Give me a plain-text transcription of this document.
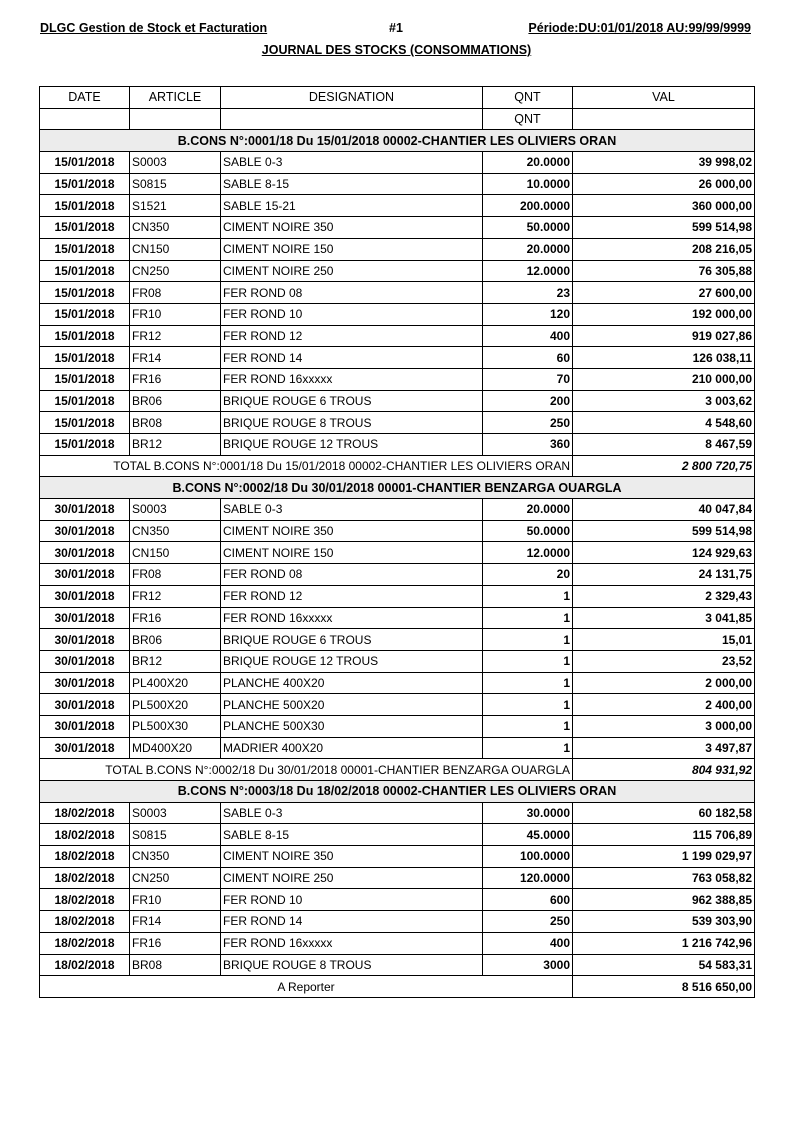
DLGC Gestion de Stock et Facturation	#1	Période:DU:01/01/2018 AU:99/99/9999
JOURNAL DES STOCKS (CONSOMMATIONS)
DATE	ARTICLE	DESIGNATION	QNT	VAL
			QNT	
B.CONS N°:0001/18 Du 15/01/2018 00002-CHANTIER LES OLIVIERS ORAN				
15/01/2018	S0003	SABLE 0-3	20.0000	39 998,02
15/01/2018	S0815	SABLE 8-15	10.0000	26 000,00
15/01/2018	S1521	SABLE 15-21	200.0000	360 000,00
15/01/2018	CN350	CIMENT NOIRE 350	50.0000	599 514,98
15/01/2018	CN150	CIMENT NOIRE 150	20.0000	208 216,05
15/01/2018	CN250	CIMENT NOIRE 250	12.0000	76 305,88
15/01/2018	FR08	FER ROND 08	23	27 600,00
15/01/2018	FR10	FER ROND 10	120	192 000,00
15/01/2018	FR12	FER ROND 12	400	919 027,86
15/01/2018	FR14	FER ROND 14	60	126 038,11
15/01/2018	FR16	FER ROND 16xxxxx	70	210 000,00
15/01/2018	BR06	BRIQUE ROUGE 6 TROUS	200	3 003,62
15/01/2018	BR08	BRIQUE ROUGE 8 TROUS	250	4 548,60
15/01/2018	BR12	BRIQUE ROUGE 12 TROUS	360	8 467,59
TOTAL B.CONS N°:0001/18 Du 15/01/2018 00002-CHANTIER LES OLIVIERS ORAN				2 800 720,75
B.CONS N°:0002/18 Du 30/01/2018 00001-CHANTIER BENZARGA OUARGLA				
30/01/2018	S0003	SABLE 0-3	20.0000	40 047,84
30/01/2018	CN350	CIMENT NOIRE 350	50.0000	599 514,98
30/01/2018	CN150	CIMENT NOIRE 150	12.0000	124 929,63
30/01/2018	FR08	FER ROND 08	20	24 131,75
30/01/2018	FR12	FER ROND 12	1	2 329,43
30/01/2018	FR16	FER ROND 16xxxxx	1	3 041,85
30/01/2018	BR06	BRIQUE ROUGE 6 TROUS	1	15,01
30/01/2018	BR12	BRIQUE ROUGE 12 TROUS	1	23,52
30/01/2018	PL400X20	PLANCHE 400X20	1	2 000,00
30/01/2018	PL500X20	PLANCHE 500X20	1	2 400,00
30/01/2018	PL500X30	PLANCHE 500X30	1	3 000,00
30/01/2018	MD400X20	MADRIER 400X20	1	3 497,87
TOTAL B.CONS N°:0002/18 Du 30/01/2018 00001-CHANTIER BENZARGA OUARGLA				804 931,92
B.CONS N°:0003/18 Du 18/02/2018 00002-CHANTIER LES OLIVIERS ORAN				
18/02/2018	S0003	SABLE 0-3	30.0000	60 182,58
18/02/2018	S0815	SABLE 8-15	45.0000	115 706,89
18/02/2018	CN350	CIMENT NOIRE 350	100.0000	1 199 029,97
18/02/2018	CN250	CIMENT NOIRE 250	120.0000	763 058,82
18/02/2018	FR10	FER ROND 10	600	962 388,85
18/02/2018	FR14	FER ROND 14	250	539 303,90
18/02/2018	FR16	FER ROND 16xxxxx	400	1 216 742,96
18/02/2018	BR08	BRIQUE ROUGE 8 TROUS	3000	54 583,31
A Reporter				8 516 650,00
